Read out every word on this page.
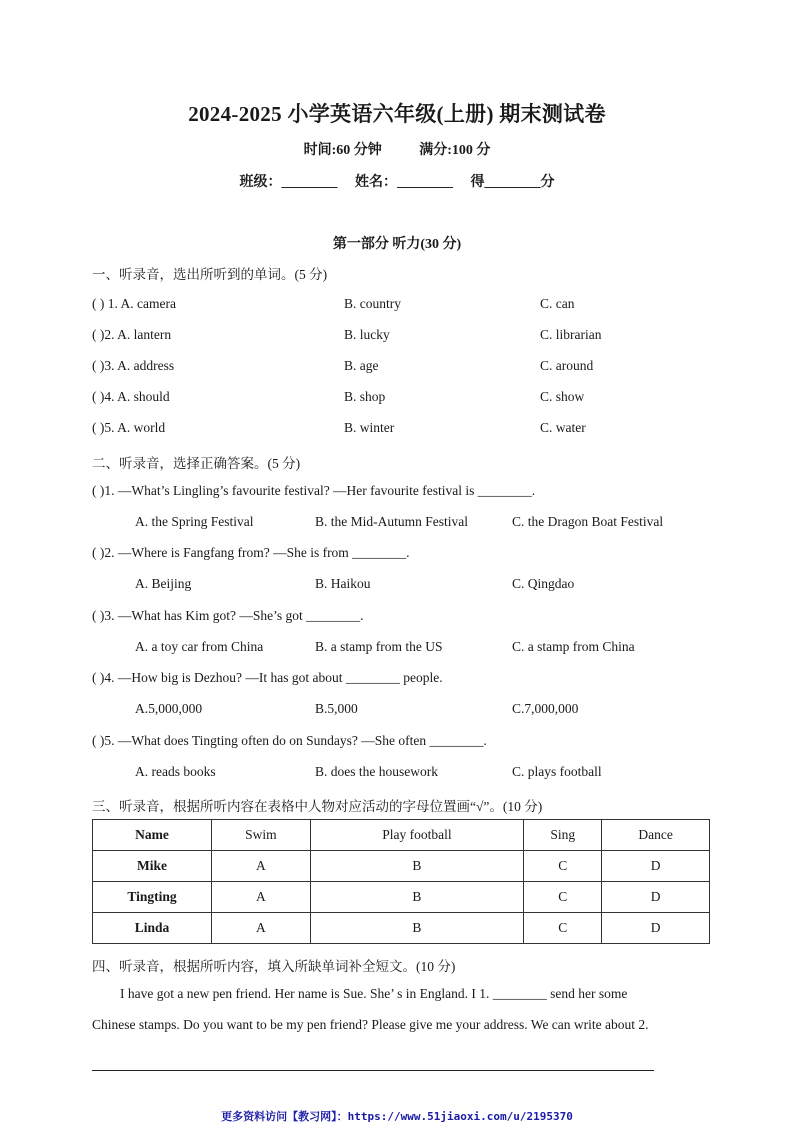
2024-2025 小学英语六年级(上册) 期末测试卷
时间:60 分钟	满分:100 分
班级：________ 姓名：________ 得________分
第一部分 听力(30 分)
一、听录音，选出所听到的单词。(5 分)
( ) 1. A. camera	B. country	C. can
( )2. A. lantern	B. lucky	C. librarian
( )3. A. address	B. age	C. around
( )4. A. should	B. shop	C. show
( )5. A. world	B. winter	C. water
二、听录音，选择正确答案。(5 分)
( )1. —What’s Lingling’s favourite festival? —Her favourite festival is ________.
A. the Spring Festival	B. the Mid-Autumn Festival	C. the Dragon Boat Festival
( )2. —Where is Fangfang from? —She is from ________.
A. Beijing	B. Haikou	C. Qingdao
( )3. —What has Kim got? —She’s got ________.
A. a toy car from China	B. a stamp from the US	C. a stamp from China
( )4. —How big is Dezhou? —It has got about ________ people.
A.5,000,000	B.5,000	C.7,000,000
( )5. —What does Tingting often do on Sundays? —She often ________.
A. reads books	B. does the housework	C. plays football
三、听录音，根据所听内容在表格中人物对应活动的字母位置画“√”。(10 分)
Name	Swim	Play football	Sing	Dance
Mike	A	B	C	D
Tingting	A	B	C	D
Linda	A	B	C	D
四、听录音，根据所听内容，填入所缺单词补全短文。(10 分)
I have got a new pen friend. Her name is Sue. She’ s in England. I 1. ________ send her some
Chinese stamps. Do you want to be my pen friend? Please give me your address. We can write about 2.
更多资料访问【教习网】：https://www.51jiaoxi.com/u/2195370
